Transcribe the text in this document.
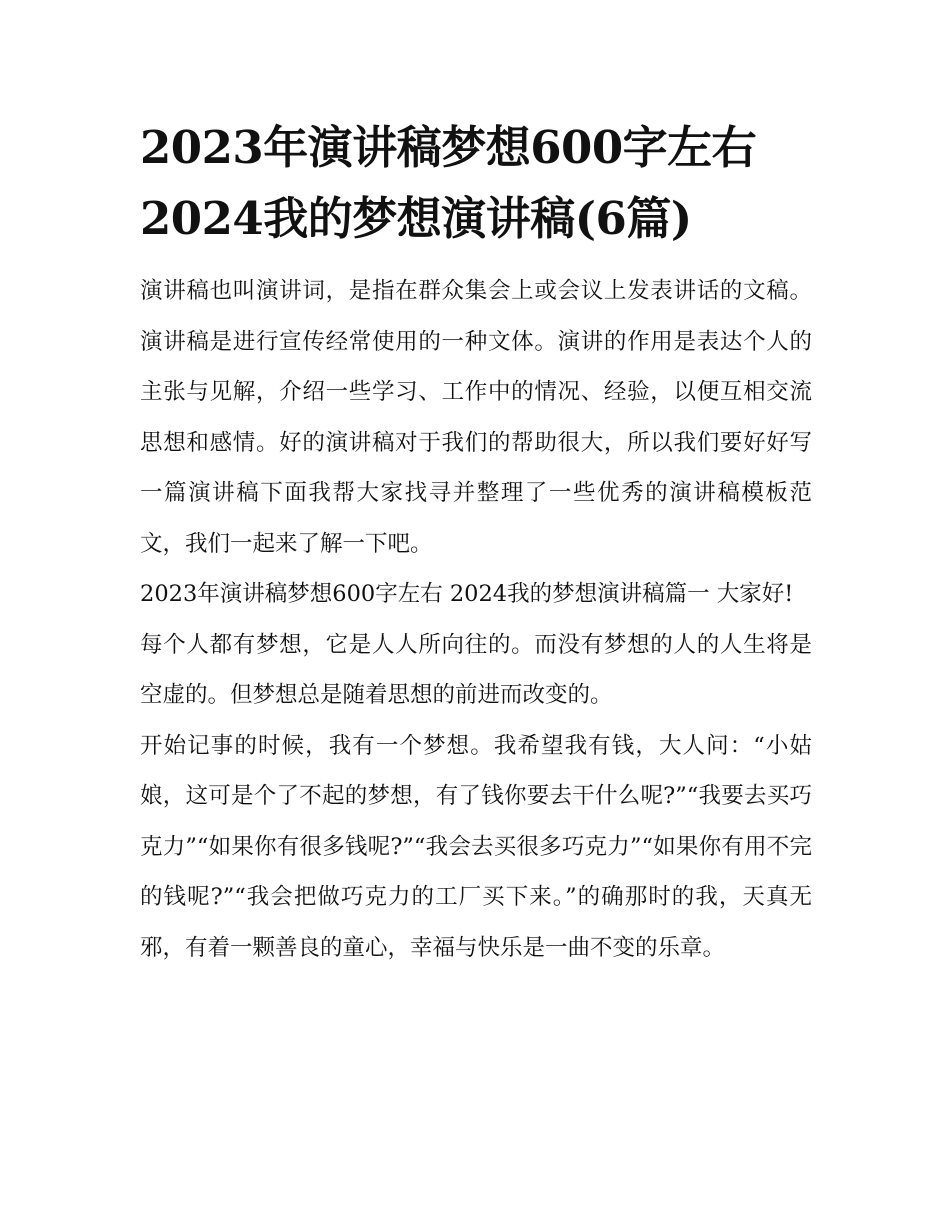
2023年演讲稿梦想600字左右 2024我的梦想演讲稿(6篇)

演讲稿也叫演讲词，是指在群众集会上或会议上发表讲话的文稿。演讲稿是进行宣传经常使用的一种文体。演讲的作用是表达个人的主张与见解，介绍一些学习、工作中的情况、经验，以便互相交流思想和感情。好的演讲稿对于我们的帮助很大，所以我们要好好写一篇演讲稿下面我帮大家找寻并整理了一些优秀的演讲稿模板范文，我们一起来了解一下吧。

2023年演讲稿梦想600字左右 2024我的梦想演讲稿篇一 大家好!

每个人都有梦想，它是人人所向往的。而没有梦想的人的人生将是空虚的。但梦想总是随着思想的前进而改变的。

开始记事的时候，我有一个梦想。我希望我有钱，大人问：“小姑娘，这可是个了不起的梦想，有了钱你要去干什么呢?”“我要去买巧克力”“如果你有很多钱呢?”“我会去买很多巧克力”“如果你有用不完的钱呢?”“我会把做巧克力的工厂买下来。”的确那时的我，天真无邪，有着一颗善良的童心，幸福与快乐是一曲不变的乐章。
